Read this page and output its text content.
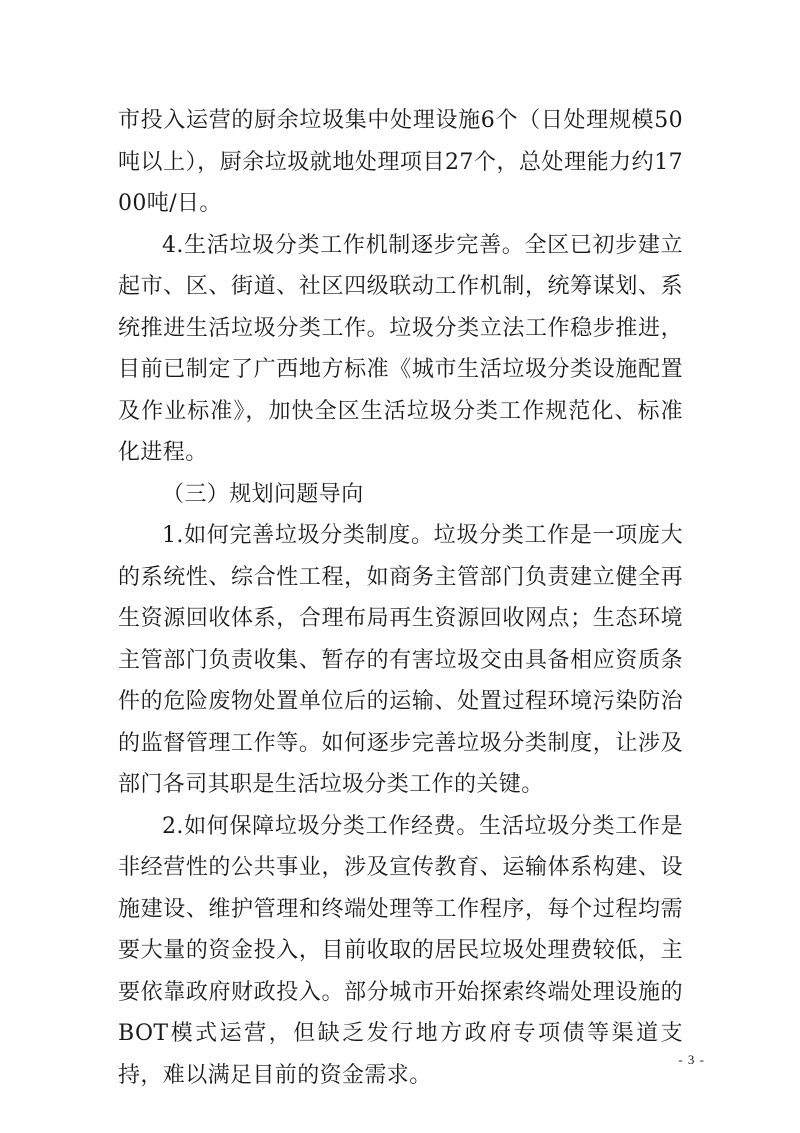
市投入运营的厨余垃圾集中处理设施6个（日处理规模50吨以上），厨余垃圾就地处理项目27个，总处理能力约1700吨/日。

4.生活垃圾分类工作机制逐步完善。全区已初步建立起市、区、街道、社区四级联动工作机制，统筹谋划、系统推进生活垃圾分类工作。垃圾分类立法工作稳步推进，目前已制定了广西地方标准《城市生活垃圾分类设施配置及作业标准》，加快全区生活垃圾分类工作规范化、标准化进程。

（三）规划问题导向

1.如何完善垃圾分类制度。垃圾分类工作是一项庞大的系统性、综合性工程，如商务主管部门负责建立健全再生资源回收体系，合理布局再生资源回收网点；生态环境主管部门负责收集、暂存的有害垃圾交由具备相应资质条件的危险废物处置单位后的运输、处置过程环境污染防治的监督管理工作等。如何逐步完善垃圾分类制度，让涉及部门各司其职是生活垃圾分类工作的关键。

2.如何保障垃圾分类工作经费。生活垃圾分类工作是非经营性的公共事业，涉及宣传教育、运输体系构建、设施建设、维护管理和终端处理等工作程序，每个过程均需要大量的资金投入，目前收取的居民垃圾处理费较低，主要依靠政府财政投入。部分城市开始探索终端处理设施的BOT模式运营，但缺乏发行地方政府专项债等渠道支持，难以满足目前的资金需求。

- 3 -
